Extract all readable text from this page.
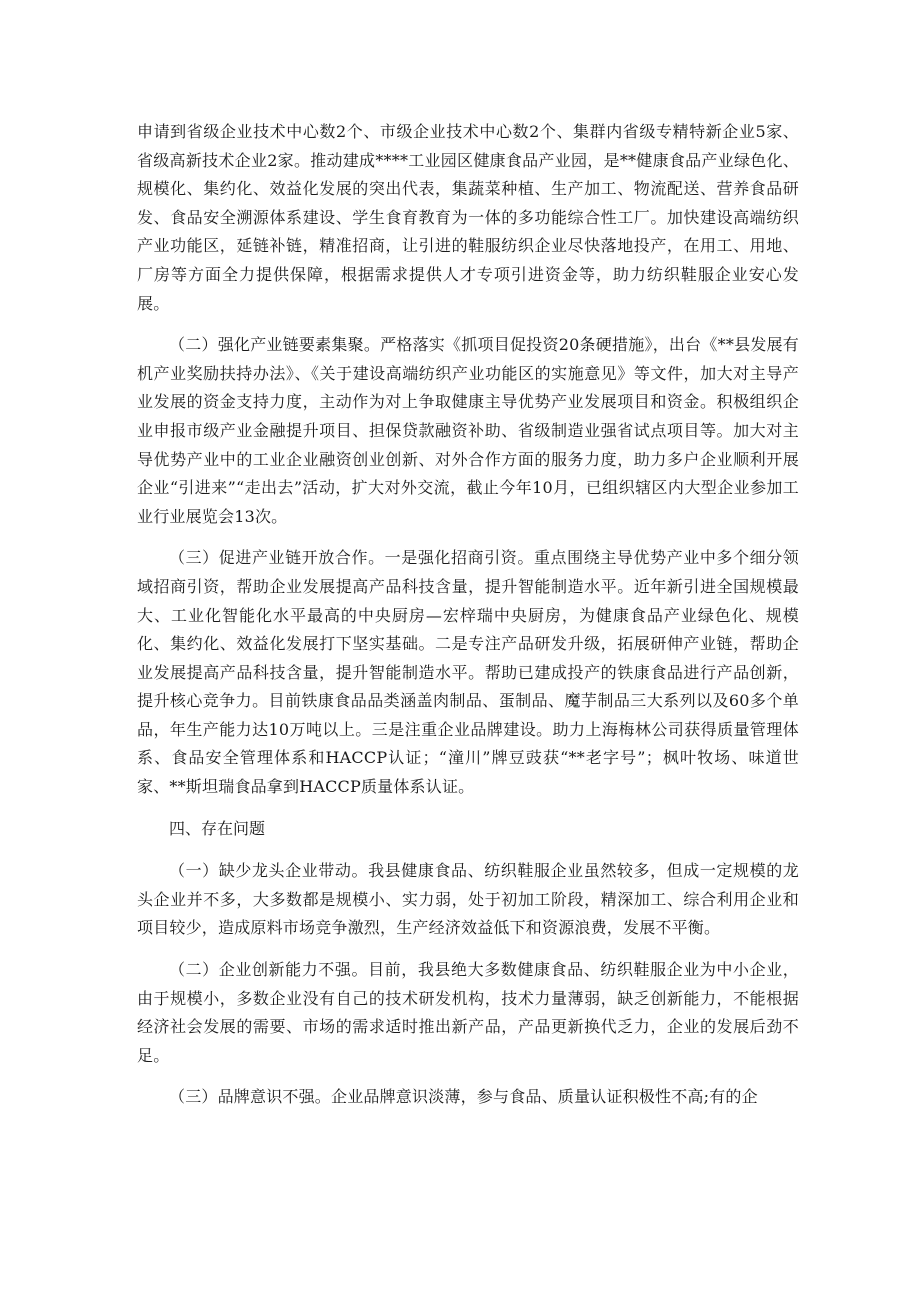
申请到省级企业技术中心数2个、市级企业技术中心数2个、集群内省级专精特新企业5家、省级高新技术企业2家。推动建成****工业园区健康食品产业园，是**健康食品产业绿色化、规模化、集约化、效益化发展的突出代表，集蔬菜种植、生产加工、物流配送、营养食品研发、食品安全溯源体系建设、学生食育教育为一体的多功能综合性工厂。加快建设高端纺织产业功能区，延链补链，精准招商，让引进的鞋服纺织企业尽快落地投产，在用工、用地、厂房等方面全力提供保障，根据需求提供人才专项引进资金等，助力纺织鞋服企业安心发展。

（二）强化产业链要素集聚。严格落实《抓项目促投资20条硬措施》，出台《**县发展有机产业奖励扶持办法》、《关于建设高端纺织产业功能区的实施意见》等文件，加大对主导产业发展的资金支持力度，主动作为对上争取健康主导优势产业发展项目和资金。积极组织企业申报市级产业金融提升项目、担保贷款融资补助、省级制造业强省试点项目等。加大对主导优势产业中的工业企业融资创业创新、对外合作方面的服务力度，助力多户企业顺利开展企业“引进来”“走出去”活动，扩大对外交流，截止今年10月，已组织辖区内大型企业参加工业行业展览会13次。

（三）促进产业链开放合作。一是强化招商引资。重点围绕主导优势产业中多个细分领域招商引资，帮助企业发展提高产品科技含量，提升智能制造水平。近年新引进全国规模最大、工业化智能化水平最高的中央厨房—宏梓瑞中央厨房，为健康食品产业绿色化、规模化、集约化、效益化发展打下坚实基础。二是专注产品研发升级，拓展研伸产业链，帮助企业发展提高产品科技含量，提升智能制造水平。帮助已建成投产的铁康食品进行产品创新，提升核心竞争力。目前铁康食品品类涵盖肉制品、蛋制品、魔芋制品三大系列以及60多个单品，年生产能力达10万吨以上。三是注重企业品牌建设。助力上海梅林公司获得质量管理体系、食品安全管理体系和HACCP认证；“潼川”牌豆豉获“**老字号”；枫叶牧场、味道世家、**斯坦瑞食品拿到HACCP质量体系认证。

四、存在问题

（一）缺少龙头企业带动。我县健康食品、纺织鞋服企业虽然较多，但成一定规模的龙头企业并不多，大多数都是规模小、实力弱，处于初加工阶段，精深加工、综合利用企业和项目较少，造成原料市场竞争激烈，生产经济效益低下和资源浪费，发展不平衡。

（二）企业创新能力不强。目前，我县绝大多数健康食品、纺织鞋服企业为中小企业，由于规模小，多数企业没有自己的技术研发机构，技术力量薄弱，缺乏创新能力，不能根据经济社会发展的需要、市场的需求适时推出新产品，产品更新换代乏力，企业的发展后劲不足。

（三）品牌意识不强。企业品牌意识淡薄，参与食品、质量认证积极性不高;有的企
